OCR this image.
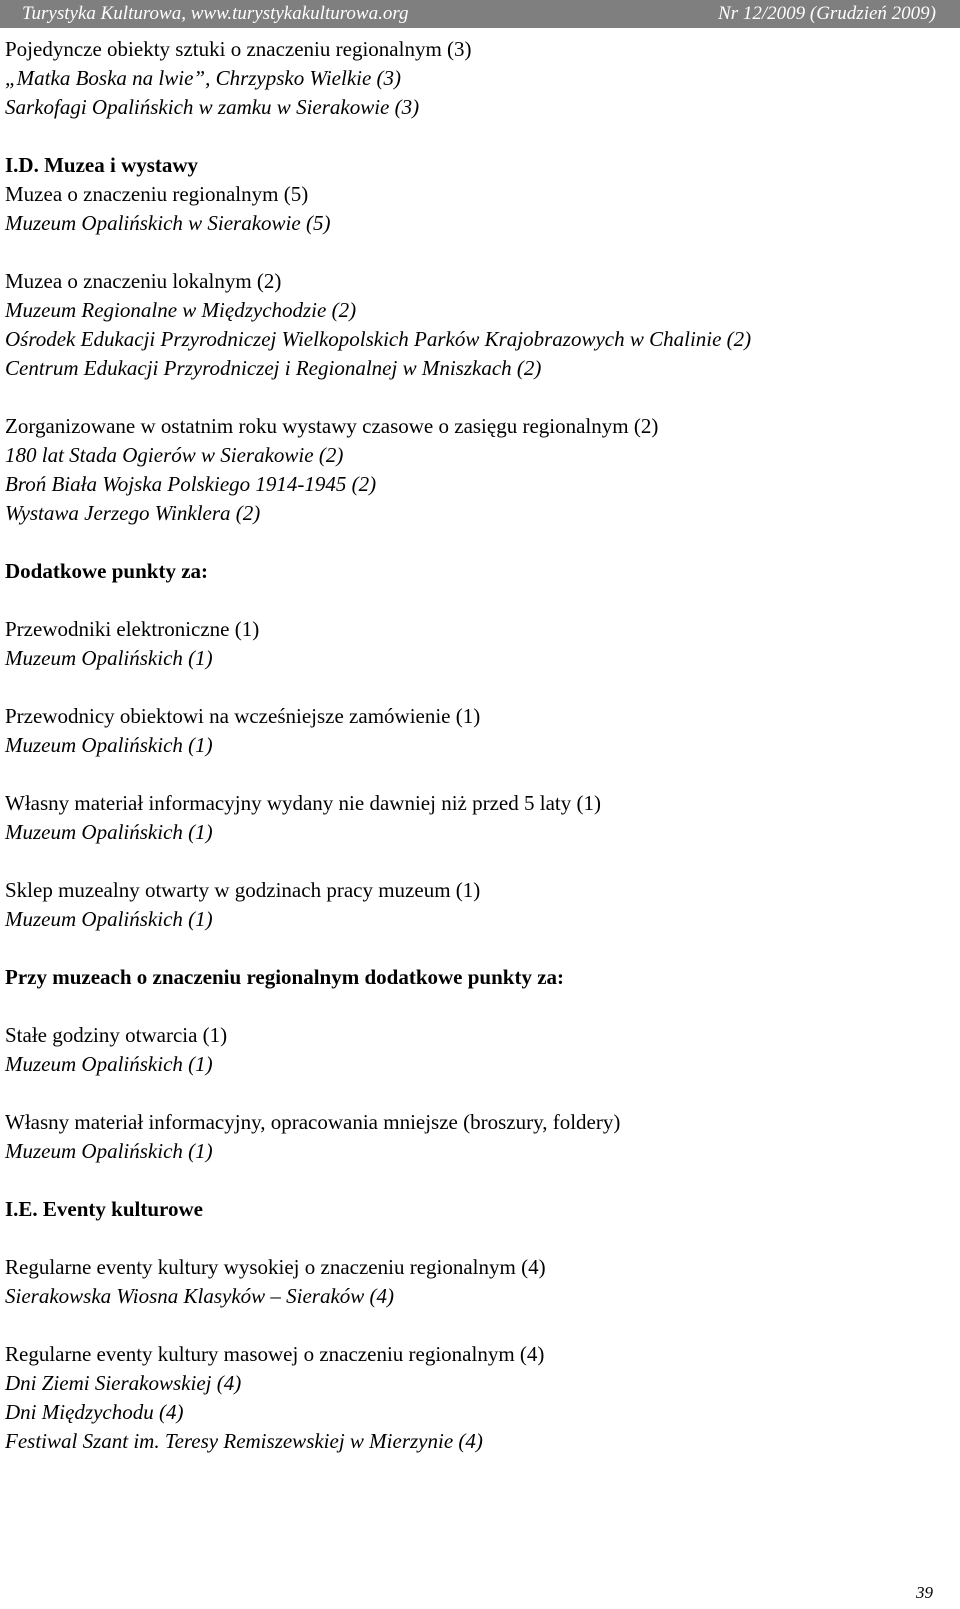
Turystyka Kulturowa, www.turystykakulturowa.org	Nr 12/2009 (Grudzień 2009)
Pojedyncze obiekty sztuki o znaczeniu regionalnym (3)
„Matka Boska na lwie”, Chrzypsko Wielkie (3)
Sarkofagi Opalińskich w zamku w Sierakowie (3)
I.D. Muzea i wystawy
Muzea o znaczeniu regionalnym (5)
Muzeum Opalińskich w Sierakowie (5)
Muzea o znaczeniu lokalnym (2)
Muzeum Regionalne w Międzychodzie (2)
Ośrodek Edukacji Przyrodniczej Wielkopolskich Parków Krajobrazowych w Chalinie (2)
Centrum Edukacji Przyrodniczej i Regionalnej w Mniszkach (2)
Zorganizowane w ostatnim roku wystawy czasowe o zasięgu regionalnym (2)
180 lat Stada Ogierów w Sierakowie (2)
Broń Biała Wojska Polskiego 1914-1945 (2)
Wystawa Jerzego Winklera (2)
Dodatkowe punkty za:
Przewodniki elektroniczne (1)
Muzeum Opalińskich (1)
Przewodnicy obiektowi na wcześniejsze zamówienie (1)
Muzeum Opalińskich (1)
Własny materiał informacyjny wydany nie dawniej niż przed 5 laty (1)
Muzeum Opalińskich (1)
Sklep muzealny otwarty w godzinach pracy muzeum (1)
Muzeum Opalińskich (1)
Przy muzeach o znaczeniu regionalnym dodatkowe punkty za:
Stałe godziny otwarcia (1)
Muzeum Opalińskich (1)
Własny materiał informacyjny, opracowania mniejsze (broszury, foldery)
Muzeum Opalińskich (1)
I.E. Eventy kulturowe
Regularne eventy kultury wysokiej o znaczeniu regionalnym (4)
Sierakowska Wiosna Klasyków – Sieraków (4)
Regularne eventy kultury masowej o znaczeniu regionalnym (4)
Dni Ziemi Sierakowskiej (4)
Dni Międzychodu (4)
Festiwal Szant im. Teresy Remiszewskiej w Mierzynie (4)
39
